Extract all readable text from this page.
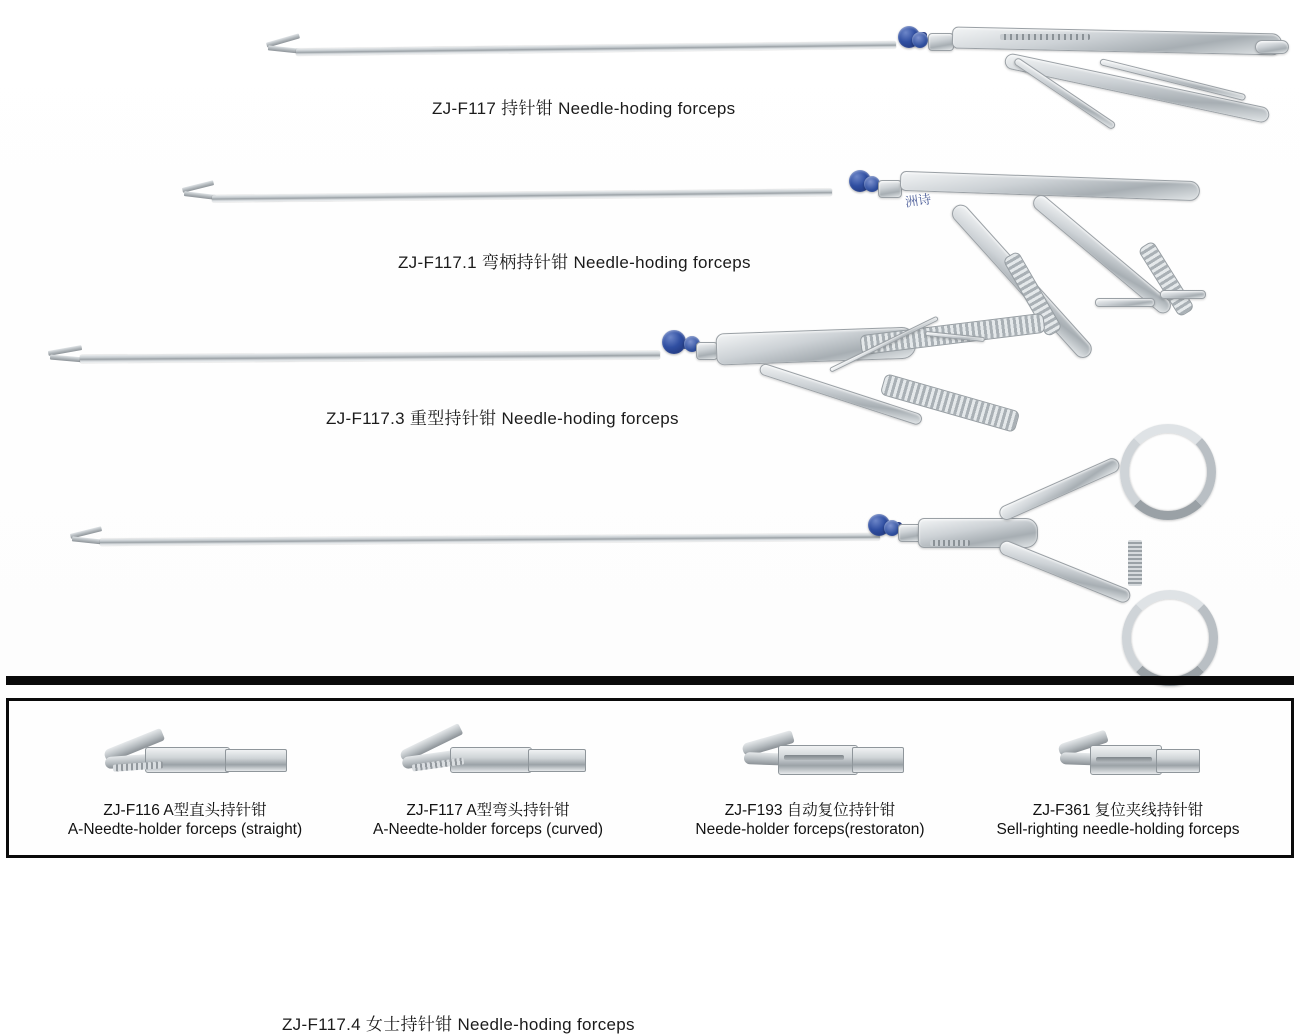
ZJ-F117 持针钳 Needle-hoding forceps
洲诗
ZJ-F117.1 弯柄持针钳 Needle-hoding forceps
ZJ-F117.3 重型持针钳 Needle-hoding forceps
ZJ-F117.4 女士持针钳 Needle-hoding forceps
ZJ-F116 A型直头持针钳
A-Needte-holder forceps (straight)
ZJ-F117 A型弯头持针钳
A-Needte-holder forceps (curved)
ZJ-F193 自动复位持针钳
Neede-holder forceps(restoraton)
ZJ-F361 复位夹线持针钳
Sell-righting needle-holding forceps
